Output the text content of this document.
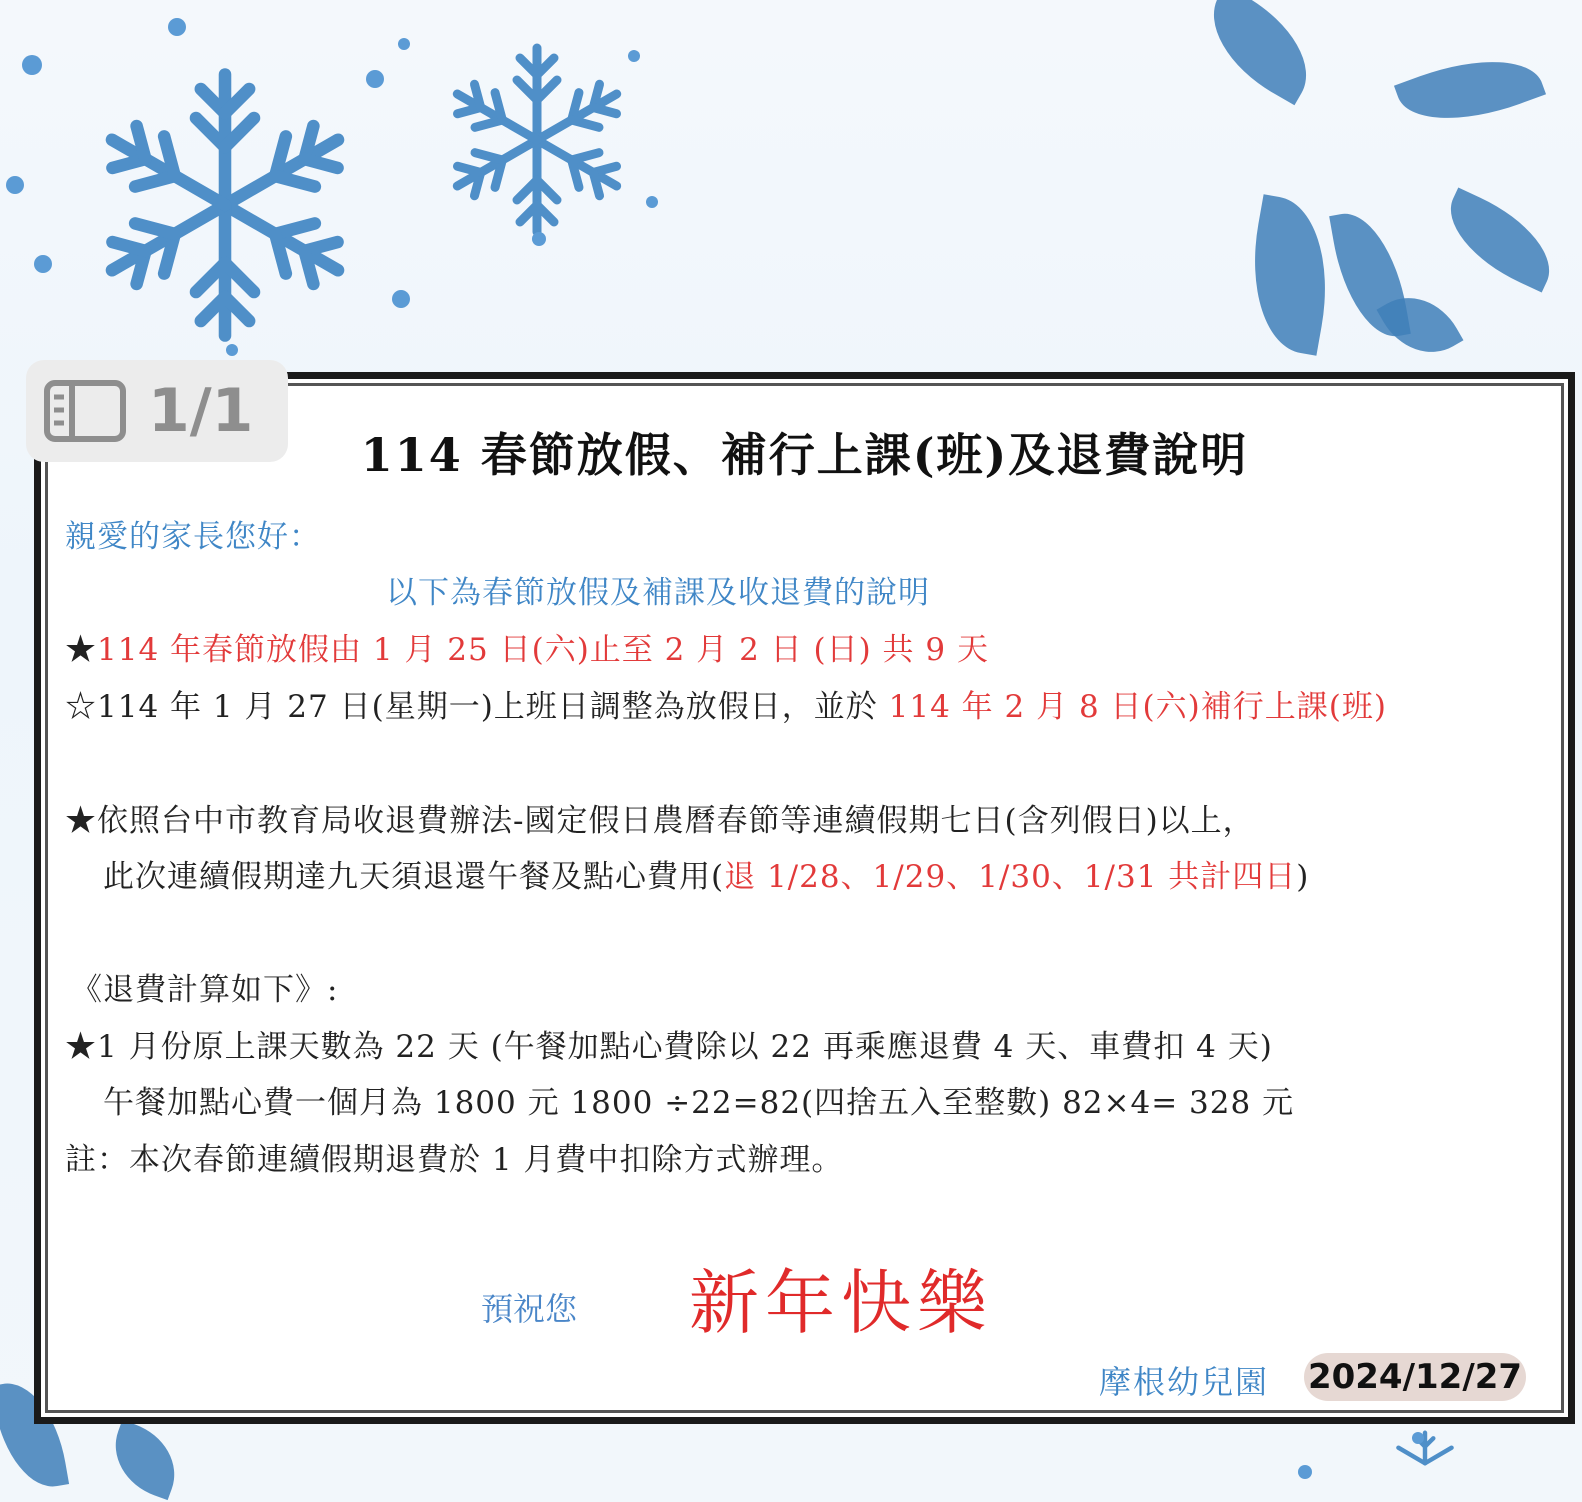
1/1
114 春節放假、補行上課(班)及退費說明
親愛的家長您好：
以下為春節放假及補課及收退費的說明
★114 年春節放假由 1 月 25 日(六)止至 2 月 2 日 (日) 共 9 天
☆114 年 1 月 27 日(星期一)上班日調整為放假日，並於 114 年 2 月 8 日(六)補行上課(班)
★依照台中市教育局收退費辦法-國定假日農曆春節等連續假期七日(含列假日)以上，
此次連續假期達九天須退還午餐及點心費用(退 1/28、1/29、1/30、1/31 共計四日)
《退費計算如下》:
★1 月份原上課天數為 22 天 (午餐加點心費除以 22 再乘應退費 4 天、車費扣 4 天)
午餐加點心費一個月為 1800 元 1800 ÷22=82(四捨五入至整數) 82×4= 328 元
註：本次春節連續假期退費於 1 月費中扣除方式辦理。
預祝您 新年快樂
摩根幼兒園 2024/12/27
